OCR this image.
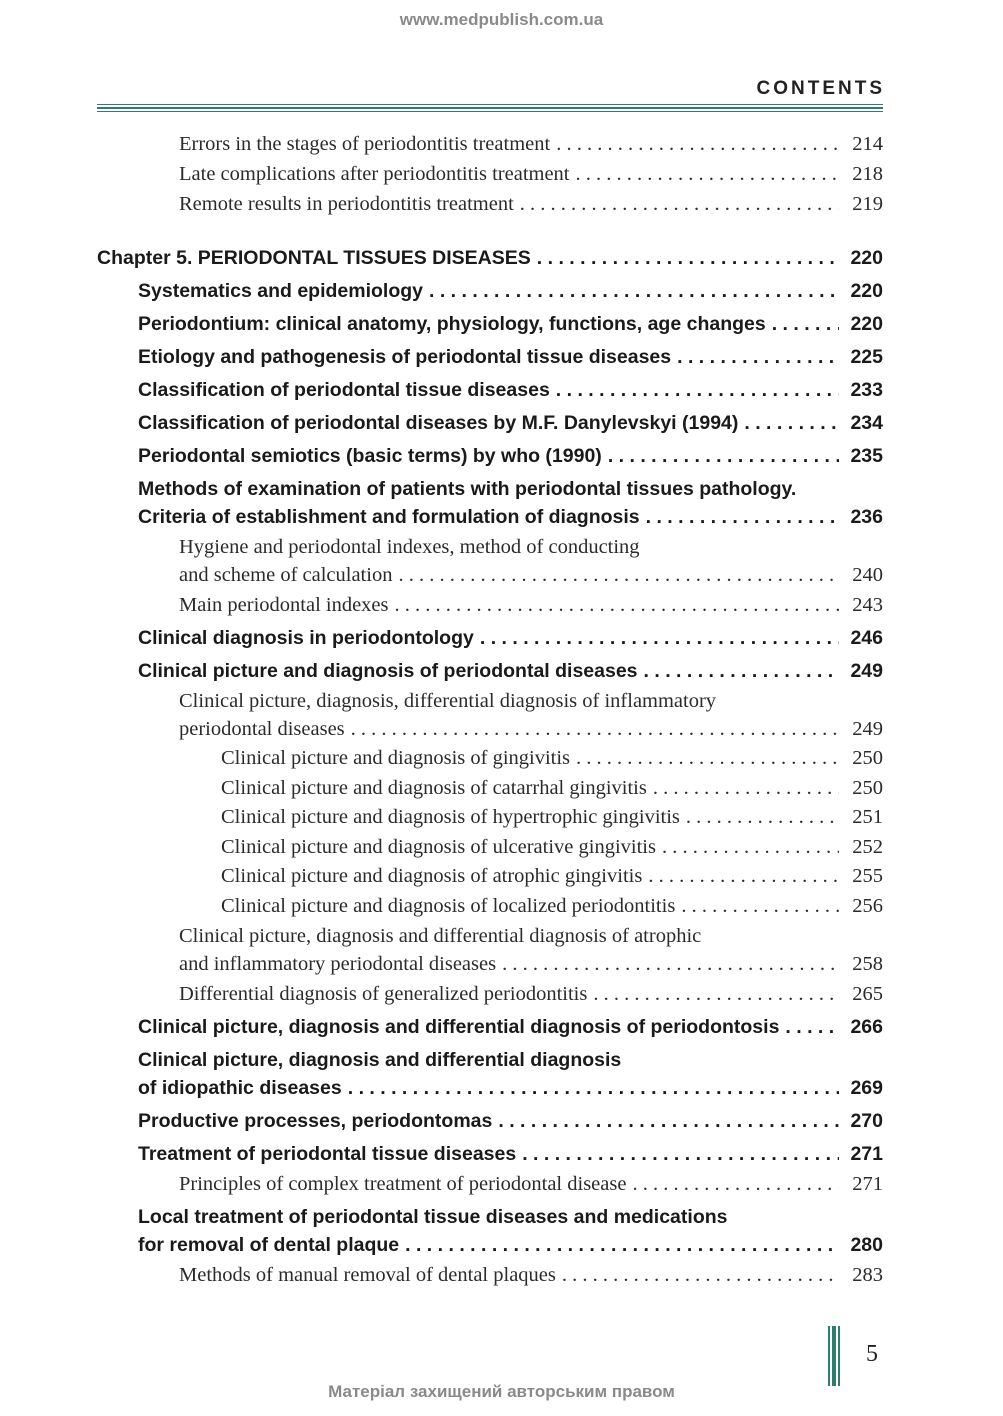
www.medpublish.com.ua
CONTENTS
Errors in the stages of periodontitis treatment . . .	214
Late complications after periodontitis treatment . . .	218
Remote results in periodontitis treatment . . .	219
Chapter 5. PERIODONTAL TISSUES DISEASES . . .	220
Systematics and epidemiology . . .	220
Periodontium: clinical anatomy, physiology, functions, age changes . . .	220
Etiology and pathogenesis of periodontal tissue diseases . . .	225
Classification of periodontal tissue diseases . . .	233
Classification of periodontal diseases by M.F. Danylevskyi (1994) . . .	234
Periodontal semiotics (basic terms) by who (1990) . . .	235
Methods of examination of patients with periodontal tissues pathology.
Criteria of establishment and formulation of diagnosis . . .	236
Hygiene and periodontal indexes, method of conducting
and scheme of calculation . . .	240
Main periodontal indexes . . .	243
Clinical diagnosis in periodontology . . .	246
Clinical picture and diagnosis of periodontal diseases . . .	249
Clinical picture, diagnosis, differential diagnosis of inflammatory
periodontal diseases . . .	249
Clinical picture and diagnosis of gingivitis . . .	250
Clinical picture and diagnosis of catarrhal gingivitis . . .	250
Clinical picture and diagnosis of hypertrophic gingivitis . . .	251
Clinical picture and diagnosis of ulcerative gingivitis . . .	252
Clinical picture and diagnosis of atrophic gingivitis . . .	255
Clinical picture and diagnosis of localized periodontitis . . .	256
Clinical picture, diagnosis and differential diagnosis of atrophic
and inflammatory periodontal diseases . . .	258
Differential diagnosis of generalized periodontitis . . .	265
Clinical picture, diagnosis and differential diagnosis of periodontosis . . .	266
Clinical picture, diagnosis and differential diagnosis
of idiopathic diseases . . .	269
Productive processes, periodontomas . . .	270
Treatment of periodontal tissue diseases . . .	271
Principles of complex treatment of periodontal disease . . .	271
Local treatment of periodontal tissue diseases and medications
for removal of dental plaque . . .	280
Methods of manual removal of dental plaques . . .	283
5
Матеріал захищений авторським правом
